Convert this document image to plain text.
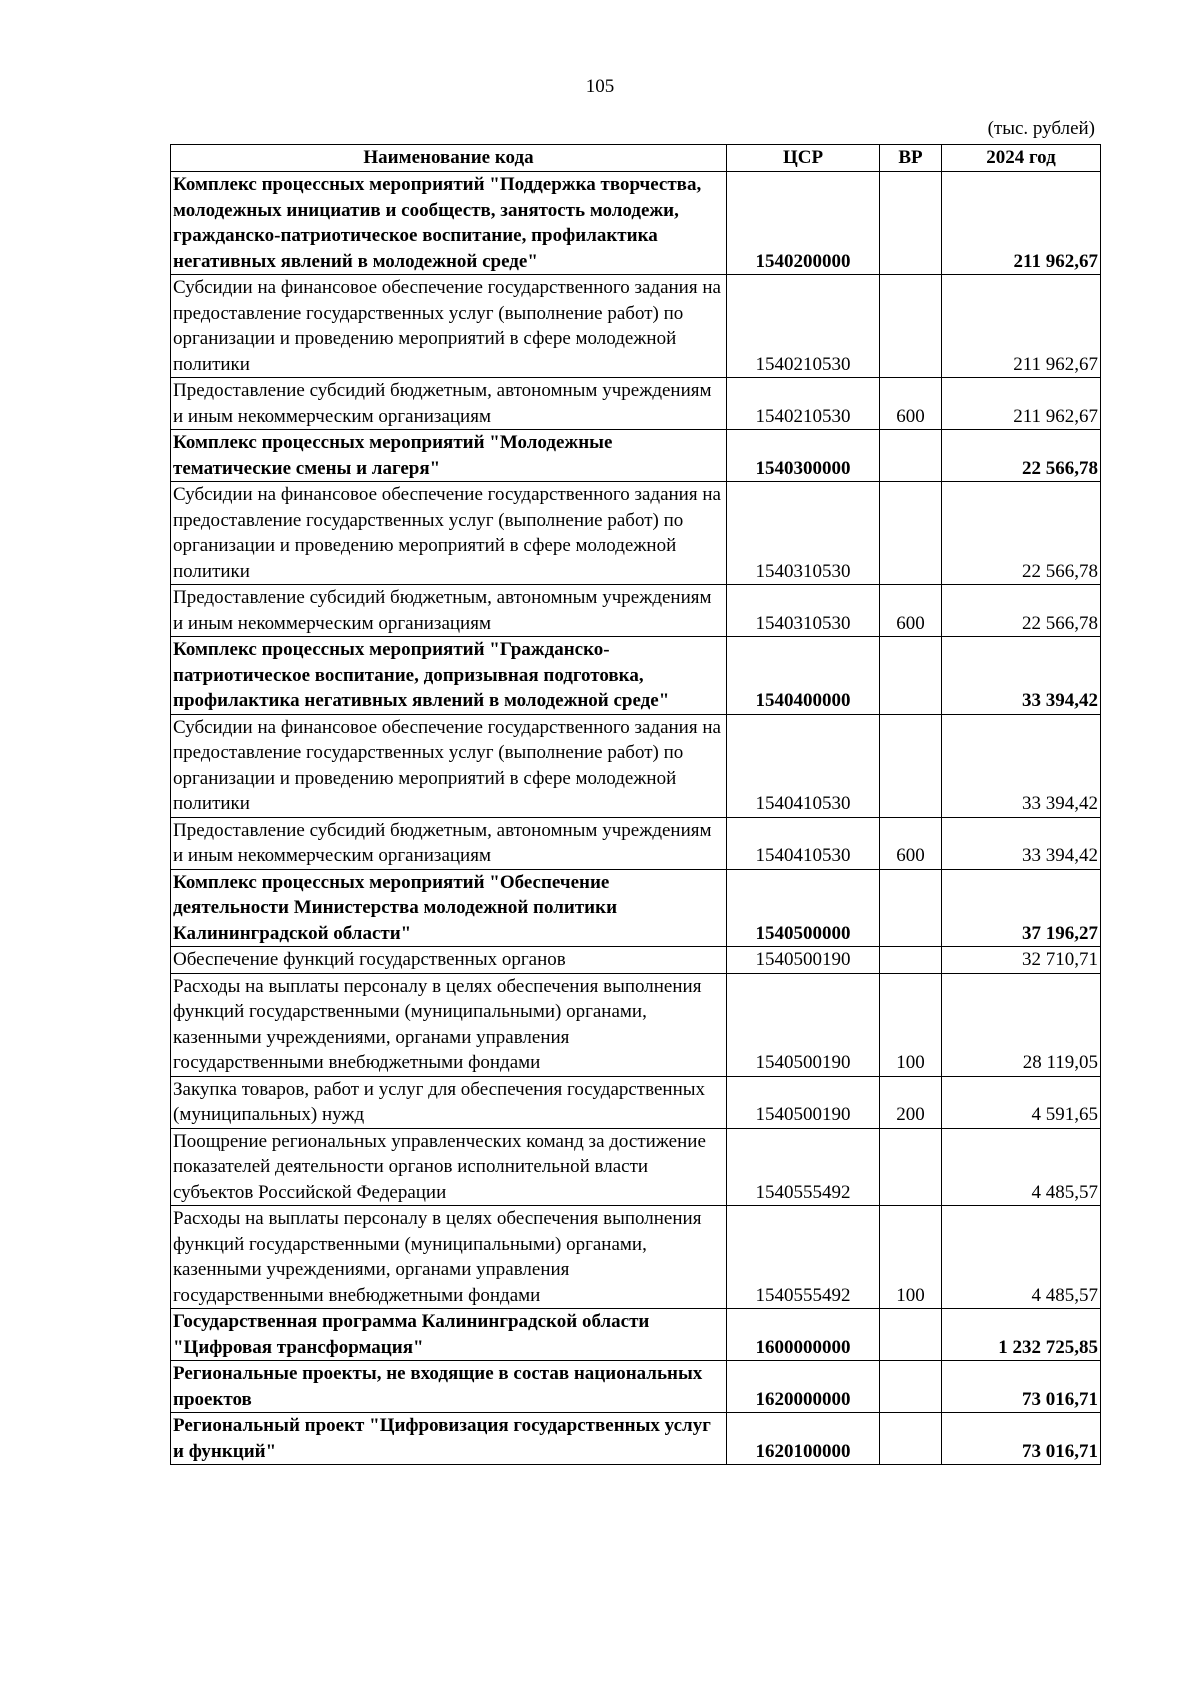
105
(тыс. рублей)
Наименование кода	ЦСР	ВР	2024 год
Комплекс процессных мероприятий "Поддержка творчества, молодежных инициатив и сообществ, занятость молодежи, гражданско-патриотическое воспитание, профилактика негативных явлений в молодежной среде"	1540200000		211 962,67
Субсидии на финансовое обеспечение государственного задания на предоставление государственных услуг (выполнение работ) по организации и проведению мероприятий в сфере молодежной политики	1540210530		211 962,67
Предоставление субсидий бюджетным, автономным учреждениям и иным некоммерческим организациям	1540210530	600	211 962,67
Комплекс процессных мероприятий "Молодежные тематические смены и лагеря"	1540300000		22 566,78
Субсидии на финансовое обеспечение государственного задания на предоставление государственных услуг (выполнение работ) по организации и проведению мероприятий в сфере молодежной политики	1540310530		22 566,78
Предоставление субсидий бюджетным, автономным учреждениям и иным некоммерческим организациям	1540310530	600	22 566,78
Комплекс процессных мероприятий "Гражданско-патриотическое воспитание, допризывная подготовка, профилактика негативных явлений в молодежной среде"	1540400000		33 394,42
Субсидии на финансовое обеспечение государственного задания на предоставление государственных услуг (выполнение работ) по организации и проведению мероприятий в сфере молодежной политики	1540410530		33 394,42
Предоставление субсидий бюджетным, автономным учреждениям и иным некоммерческим организациям	1540410530	600	33 394,42
Комплекс процессных мероприятий "Обеспечение деятельности Министерства молодежной политики Калининградской области"	1540500000		37 196,27
Обеспечение функций государственных органов	1540500190		32 710,71
Расходы на выплаты персоналу в целях обеспечения выполнения функций государственными (муниципальными) органами, казенными учреждениями, органами управления государственными внебюджетными фондами	1540500190	100	28 119,05
Закупка товаров, работ и услуг для обеспечения государственных (муниципальных) нужд	1540500190	200	4 591,65
Поощрение региональных управленческих команд за достижение показателей деятельности органов исполнительной власти субъектов Российской Федерации	1540555492		4 485,57
Расходы на выплаты персоналу в целях обеспечения выполнения функций государственными (муниципальными) органами, казенными учреждениями, органами управления государственными внебюджетными фондами	1540555492	100	4 485,57
Государственная программа Калининградской области "Цифровая трансформация"	1600000000		1 232 725,85
Региональные проекты, не входящие в состав национальных проектов	1620000000		73 016,71
Региональный проект "Цифровизация государственных услуг и функций"	1620100000		73 016,71
